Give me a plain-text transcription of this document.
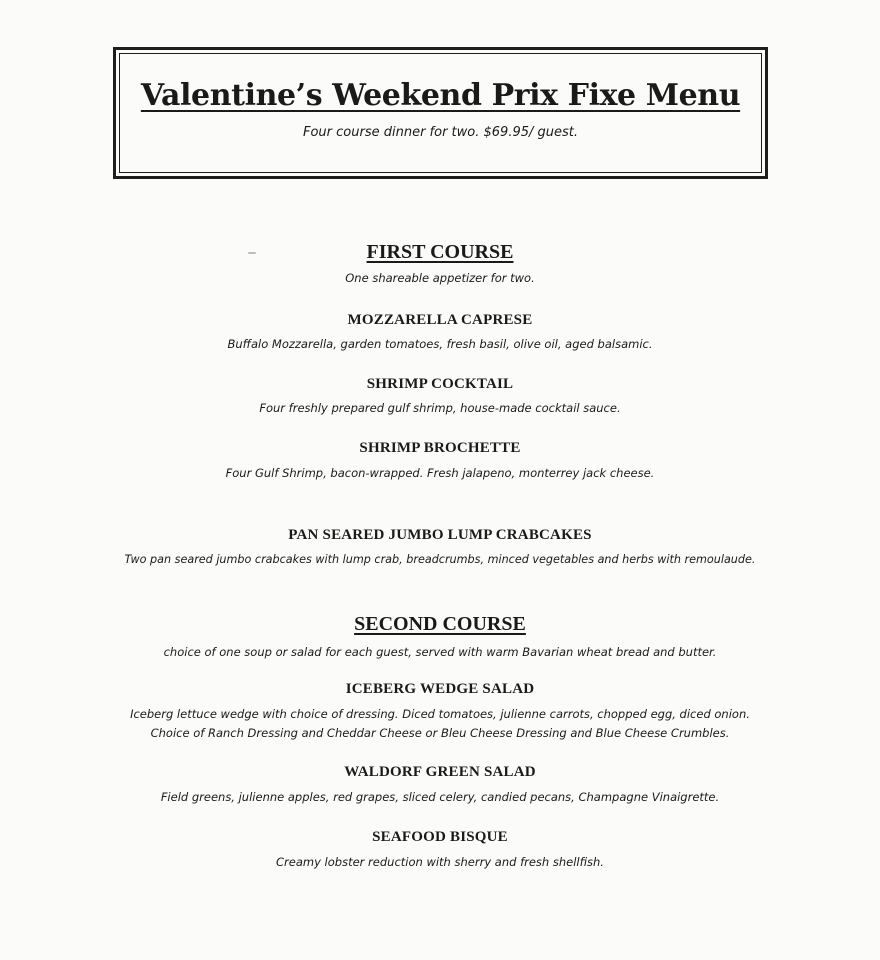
Valentine’s Weekend Prix Fixe Menu
Four course dinner for two. $69.95/ guest.
FIRST COURSE
One shareable appetizer for two.
MOZZARELLA CAPRESE
Buffalo Mozzarella, garden tomatoes, fresh basil, olive oil, aged balsamic.
SHRIMP COCKTAIL
Four freshly prepared gulf shrimp, house-made cocktail sauce.
SHRIMP BROCHETTE
Four Gulf Shrimp, bacon-wrapped. Fresh jalapeno, monterrey jack cheese.
PAN SEARED JUMBO LUMP CRABCAKES
Two pan seared jumbo crabcakes with lump crab, breadcrumbs, minced vegetables and herbs with remoulaude.
SECOND COURSE
choice of one soup or salad for each guest, served with warm Bavarian wheat bread and butter.
ICEBERG WEDGE SALAD
Iceberg lettuce wedge with choice of dressing. Diced tomatoes, julienne carrots, chopped egg, diced onion.
Choice of Ranch Dressing and Cheddar Cheese or Bleu Cheese Dressing and Blue Cheese Crumbles.
WALDORF GREEN SALAD
Field greens, julienne apples, red grapes, sliced celery, candied pecans, Champagne Vinaigrette.
SEAFOOD BISQUE
Creamy lobster reduction with sherry and fresh shellfish.
